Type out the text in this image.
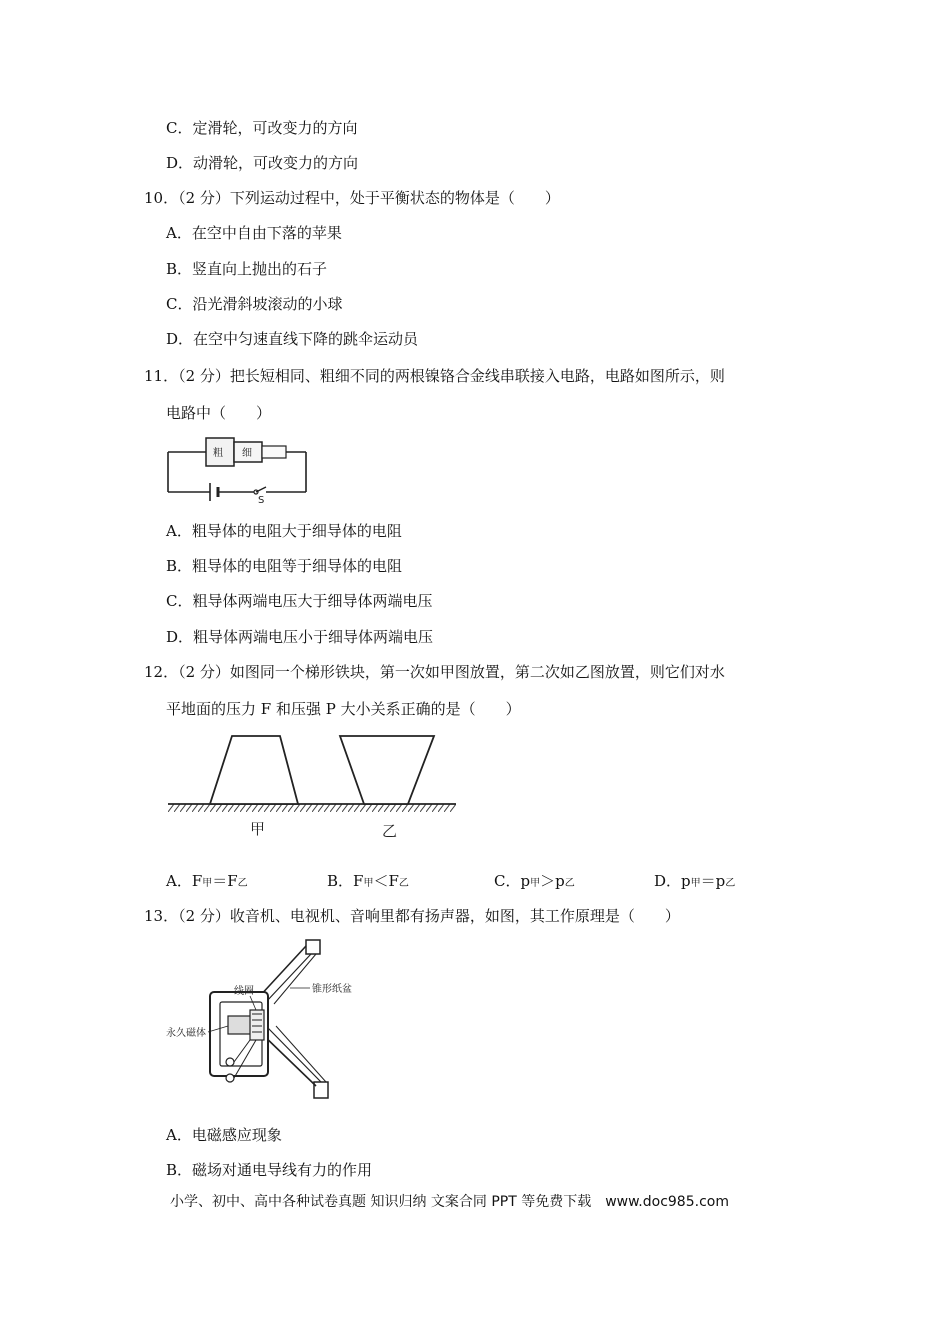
C．定滑轮，可改变力的方向
D．动滑轮，可改变力的方向
10．（2 分）下列运动过程中，处于平衡状态的物体是（　　）
A．在空中自由下落的苹果
B．竖直向上抛出的石子
C．沿光滑斜坡滚动的小球
D．在空中匀速直线下降的跳伞运动员
11．（2 分）把长短相同、粗细不同的两根镍铬合金线串联接入电路，电路如图所示，则
电路中（　　）
S
粗 细
A．粗导体的电阻大于细导体的电阻
B．粗导体的电阻等于细导体的电阻
C．粗导体两端电压大于细导体两端电压
D．粗导体两端电压小于细导体两端电压
12．（2 分）如图同一个梯形铁块，第一次如甲图放置，第二次如乙图放置，则它们对水
平地面的压力 F 和压强 P 大小关系正确的是（　　）
甲	乙
A．F甲＝F乙	B．F甲＜F乙	C．p甲＞p乙	D．p甲＝p乙
13．（2 分）收音机、电视机、音响里都有扬声器，如图，其工作原理是（　　）
线圈	锥形纸盆
永久磁体
A．电磁感应现象
B．磁场对通电导线有力的作用
小学、初中、高中各种试卷真题 知识归纳 文案合同 PPT 等免费下载　www.doc985.com
